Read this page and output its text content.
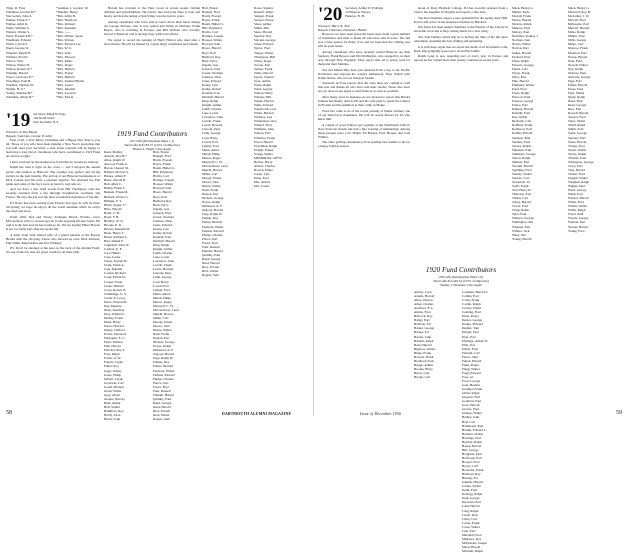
Tripp, R. Tyler
Valentine, Gordon R.*
Van Gelder, John S.
Walker, Frank S.*
Walker, Allyn R.
Waite, William S.
Walters, Walter S.
Ward, Frederick B.*
Washburn, Edward
Webb, Carroll S.
Weed, George W.
Wheeler, Ralph H.
Whittier, Fred K.
Wilcox, Wm.
Wilson, Walter H.
Wilson, Robert W.*
Winship, Harold
Wood, Lawrence E.*
Woodbury, Paul H.
Worthen, Thomas W.
Wright, H. S.*
Young, Sheldon B.*
Zabriskie, Albert B.*
*Lehman, J. Gordon '16
*Mueller, Henry
*Mrs. Allyn B.
*Mrs. Bradford
*Mrs. Richard
*Mrs. Kenneth
*Mrs. ——
*Mrs. Wilder, Sarah
*Mrs. Warren
*Mrs. Edward Lee
*Mrs. W. Jr.
*Mrs. Sam
*Mrs. Elwood
*Mrs. Rufus
*Mrs. Roger
*Mrs. Herbert
*Mrs. Ernest
*Mrs. Herbert
*Mrs. Samuel Blythe
*Mrs. Lester
*Mrs. Randall
*Mrs. Leonard
*Mrs. Edwin
'19 Secretary, Ralph W. Page
129 North Street
New Rochelle, N.Y.
Treasurer, A. Roy Blount
Bequest Chairman, George W. Allen

First of all, a Very Merry Christmas and a Happy New Year to you all. Those of you who have been making a New Year's resolution that you will send your Secretary a note about yourself will be happy to learn that a long list of classmates who have contributed to 1919 Fund are shown at right.

I have received an interesting note from Harvey Greene in Arizona.

Ralph has tried it right on the coast — and I enjoyed the annual picnic and reunion at Hanover. The weather was perfect and all the picnics in the past months. The arrival at our Hanover headquarters of Dick Conant and his wife a pleasant surprise. We attended the Fall game and some of the boys were on hand to welcome us.

And we have a few brief words from Bill Thompson, who has recently returned from a trip through Scandinavia, Germany and France. He says the trip was the most wonderful experience of his life.

Ed Davis has been writing from Florida and says he will be there till spring; we hope he enjoys all the warm sunshine while we enjoy the wind and snow.

From 1919, Ned and Tressy, Pompano Beach, Florida. Larry McCutcheon write to us and says he is still enjoying his new home. He said it is the best spot he has found so far. We are hoping Elmer Bowen is not too badly hurt after his recent fall.

A letter from Sam Abbott tells of a grand reunion at the Boston Herald with the old gang. Those who showed up were Dick Johnson, Phil Smith, Ralph Allen and Gus Whitney.

P.S. Don't be shocked at the note on the back of the Alumni Fund; it's one of the few that are given credit for all their gifts.

Harold has traveled to the West Coast in recent weeks visiting children and grandchildren. He reports that everyone there is hale and hearty and that the skiing at Sun Valley was the best in years.

Among classmates who have sent in news about their latest doings are George Stevens, who is now retired and living in Vermont; Frank Hayes, who is traveling in Europe; and Bill Webster who recently moved to Hanover and is already busy with town affairs.

We regret to record the passing of Harry Holton who died after a short illness. He will be missed by a great many classmates and friends.

1919 Fund Contributors
225 Gifts (Participation Index 1.1)
Total Gifts $18,183.57 (145% of Objective)
Hubert L. Heath, Class Agent
Reed, Mabley
Aldrich, Roy H.*
Allen, Ralph W.
Atwood, Frank A.
Bacon, Chester M.
Ballard, Morton S.
Barnes, Albert F.
Bates, Arnold R.
Bell, Allen C.
Bemis, Frank S.
Bennett, Frank M.
Bidwell, Ernest G.
Billings, F. T.
Bixby, Roger J.*
Bliss, Harold
Bond, C. B.
Boyd, F. H.
Bradley, W. O.
Brooks, E. R.
Brown, Kenneth W.
Buck, Henry S.
Burns, Richard L.
Burr, Daniel F.
Campbell, John W.
Carlson, E. E.
Carr, Hubert
Case, Lester
Chase, Everett D.
Clark, Frank A.
Cole, Randall
Conant, Richard
Cook, Edwin W.
Cooper, Earle
Crane, Herbert
Cross, Robert D.
Cummings, G. S.
Curtis, E. Leroy
Davis, Edward R.
Day, Maurice
Dean, Sherman
Dow, Willard C.
Dudley, Frank
Dunn, Harry
Eaton, Howard
Emery, Clifford
Evans, Theodore
Fairbanks, E. C.
Field, Wallace
Fisk, Harold
Fletcher, Ray S.
Foss, Ralph
Foster, A. W.
French, Leslie
Fuller, Roy
Gage, Sidney
Gates, Philip
Gilbert, Clyde
Goodwin, Carl
Gould, Herbert
Grant, Willis
Gray, Albert
Greene, Harvey
Hale, Arthur
Hall, Walter
Hamilton, Roy
Hardy, Leon
Harris, John
Hart, Ernest
Haskell, Fred
Hatch, Everett
Hayes, Frank
Heath, Hubert L.
Hill, Raymond
Hobbs, Carl
Holmes, Joseph
Hooper, Walter
Howard, Sam
Howe, Harold
Hoyt, Earl
Hubbard, Ray
Hunt, Percy
Ingalls, Guy
Jackson, Fred
Jewett, Norman
Johnson, Dick
Jones, Edward
Keene, Lyle
Kelley, Robert
Kendall, Ivan
Kimball, Harold
King, Ralph
Knight, Arthur
Lamb, Charles
Lane, Lewis
Lawrence, John
Leavitt, Frank
Lewis, Howard
Lincoln, Paul
Little, George
Lord, Harry
Lovell, Earl
Lyman, Fred
Mann, Albert
Marsh, Philip
Mason, Roger
Maxwell, C. W.
McCutcheon, Larry
Merrill, Horace
Miller, Carl
Moody, Ernest
Moore, John
Morse, Walter
Nash, Frank
Nelson, Eric
Nichols, George
Noyes, Ralph
Olmstead, A. F.
Osgood, Harold
Page, Ralph W.
Palmer, Roy
Parker, Herbert
Peabody, Walter
Perkins, Edward
Phelps, Charles
Pierce, Earl
Porter, Fred
Pratt, Russell
Putnam, Harold
Quimby, Paul
Rand, George
Reed, Harold
Rice, Everett
Rich, Walter
Rogers, Sam
Hart, Ernest
Haskell, Fred
Hatch, Everett
Hayes, Frank
Heath, Hubert L.
Hill, Raymond
Hobbs, Carl
Holmes, Joseph
Hooper, Walter
Howard, Sam
Howe, Harold
Hoyt, Earl
Hubbard, Ray
Hunt, Percy
Ingalls, Guy
Jackson, Fred
Jewett, Norman
Johnson, Dick
Jones, Edward
Keene, Lyle
Kelley, Robert
Kendall, Ivan
Kimball, Harold
King, Ralph
Knight, Arthur
Lamb, Charles
Lane, Lewis
Lawrence, John
Leavitt, Frank
Lewis, Howard
Lincoln, Paul
Little, George
Lord, Harry
Lovell, Earl
Lyman, Fred
Mann, Albert
Marsh, Philip
Mason, Roger
Maxwell, C. W.
McCutcheon, Larry
Merrill, Horace
Miller, Carl
Moody, Ernest
Moore, John
Morse, Walter
Nash, Frank
Nelson, Eric
Nichols, George
Noyes, Ralph
Olmstead, A. F.
Osgood, Harold
Page, Ralph W.
Palmer, Roy
Parker, Herbert
Peabody, Walter
Perkins, Edward
Phelps, Charles
Pierce, Earl
Porter, Fred
Pratt, Russell
Putnam, Harold
Quimby, Paul
Rand, George
Reed, Harold
Rice, Everett
Rich, Walter
Rogers, Sam
Rowe, Stanley
Russell, James
Sargent, Frank
Sawyer, Ernest
Shaw, Arthur
Smith, Phil
Snow, Harold
Spencer, Ray
Stevens, George
Stone, Edward
Taylor, Fred
Thayer, Walter
Thompson, Bill
Tilton, Roger
Towne, Earl
Tucker, Frank
Tuttle, Harold
Upton, Charles
Vose, Arthur
Wade, Ralph
Ward, George
Warren, Harry
Webster, Bill
Weeks, Horace
Wells, Edward
Wentworth, Carl
White, Herbert
Whitney, Gus
Whittemore, Roy
Willard, Fred
Williams, John
Wilson, Earl
Winslow, Frank
Wood, Harold
Woodman, Ralph
Wright, Ernest
Young, Walter
MEMORIAL GIFTS
Holton, Harry
Abbott, Charles
Bowen, Elmer
Carter, Lyle
Dana, Fred
Mrs. Abbott
Mrs. Carter
58
'20 Secretary, Arthur W. Eldridge
16 Hanover Terrace
Hanover, N. H.
Treasurer, Harry W. Teal
Bequest Chairman, Edward L. Hardin

However we have been given the latest news from a great number of classmates and wish to thank all who have sent in notes. The fall was a busy season for many of us and we hope that the coming year will be even better.

Among classmates who have recently visited Hanover are Bob Sanborn, Frank Bowers and Jim Wellington, who stopped by on their way through New England. They report that all is going well for them and their families.

Ted and Mabel Ellis have just returned from a trip to the Pacific Northwest and enjoyed the scenery immensely. They visited with Ralph Sisson, who is now living in Seattle.

Treasurer Al Foss reports that the class dues are coming in well this year and thanks all who have sent their checks. Those who have not yet done so are urged to send them in as soon as possible.

After many years in business we are pleased to report that Harold Jenkins has finally retired. He and his wife plan to spend the winters in Florida and the summers at their camp in Maine.

Word has come to us of the recent passing of Walter Grimes, one of our best-loved classmates. He will be sorely missed by all who knew him.

A couple of good fellows got together at the Dartmouth Club in New York last month and had a fine evening of reminiscing. Among those present were Carl Tilden, Ed Barnes, Fred Hooper and Jack Wilmot.

The other golfing classmates join in sending best wishes to all for a happy holiday season.

about of Mary Baldwin College. Ed has recently returned from a visit to his daughter in Virginia and reports a fine time.

The Ken Normans expect a new grandchild in the spring, their fifth. Ken is still active in his insurance business in Hartford.

Jim Yates has been named chairman of the Friends of the Library in his home town and is busy raising funds for a new wing.

Our Tom Dudley writes that he is having the time of his life since retirement, spending his days fishing and gardening.

It is with deep regret that we report the death of Al Stockdale's wife, Ruth. Our sympathy goes out to Al and his family.

Ralph Lang is now spending part of every year in Europe and reports he has visited more than twenty countries in recent years.

1920 Fund Contributors
238 Gifts (Participation Index 1.0)
Total Gifts $15,426.34 (123% of Objective)
Stanley J. Newman, Class Agent
Abbott, Leon
Adams, Harold
Allen, Warren
Ames, Charles
Andrews, E. L.
Atkins, Fred
Babcock, Roy
Bailey, Earl
Baldwin, Ed
Barker, George
Barnes, Ed
Barrett, John
Bartlett, Ralph
Bean, Harold
Bigelow, Walter
Blake, Frank
Bowers, Frank
Bradford, Paul
Briggs, Arthur
Brooks, Harry
Bruce, Lyle
Bryant, Carl
Coleman, Harold S.
Collins, Earl
Colby, Frank
Corbin, Ralph
Crosby, Walter
Cushing, Fred
Dana, Roger
Dexter, George
Dodge, Howard
Dudley, Tom
Durgin, Paul
Dyer, Earl
Eldridge, Arthur W.
Ellis, Ted
Elliott, Fred
Farnum, Carl
Farrar, John
Felton, Harold
Fiske, Roger
Flagg, Walter
Fogg, Edward
Foss, Al
Frost, George
Gale, Herbert
Gardner, Frank
Gibbs, Ralph
Gleason, Earl
Goddard, Paul
Goss, Harold
Graves, Fred
Grimes, Walter
Hadley, John
Hall, Carl
Hammond, Earl
Hardin, Edward L.
Harmon, Walter
Hastings, Fred
Hayden, Ralph
Hazen, Harold
Hill, George
Hodgdon, Paul
Holbrook, Earl
Hooper, Fred
Hovey, Carl
Howland, Frank
Hubbard, Roy
Huntley, Ed
Jenkins, Harold
Jordan, Walter
Keith, Fred
Kellogg, Ralph
Kent, George
Knowles, Earl
Ladd, Harold
Lang, Ralph
Leach, Paul
Libby, Carl
Locke, Frank
Lowe, Walter
Lunt, Earl
Marshall, Fred
Mathews, Roy
McDonald, Joseph
Mead, Harold
Mitchell, Ralph
Mack, Henry G.
Martin, Earle
Morrill, Frank
Morse, Harold
Morton, Ralph
Munroe, Fred
Murray, Paul
Newman, Stanley J.
Norman, Ken
Norris, Walter
Norton, Earl
Oakes, Harold
Packard, Fred
Paine, Ralph
Parsons, George
Patten, Carl
Payne, Frank
Perry, Earl
Pike, Harold
Plummer, Walter
Pond, Fred
Poole, Ralph
Prescott, Paul
Preston, George
Prince, Earl
Ramsay, Harold
Randall, Fred
Ray, Walter
Richards, Carl
Robbins, Frank
Robinson, Earl
Rollins, Harold
Sanborn, Bob
Sanders, Fred
Seavey, Ralph
Sherman, Paul
Simmons, George
Sisson, Ralph
Skinner, Earl
Slocum, Harold
Spalding, Fred
Stanley, Walter
Stearns, Carl
Stockdale, Al
Swift, Frank
Teal, Harry W.
Thurston, Earl
Tilden, Carl
Tobey, Harold
Tower, Fred
Trask, Ralph
Tyler, Paul
Wallace, George
Wellington, Jim
Wheeler, Earl
Wilmot, Jack
Yates, Jim
Young, Harold
Mack, Henry G.
Maxwell, Roy H.
McArthur, J. W.
McCall, Fred
McKenzie, Earl
Metcalf, Harold
Miles, Ralph
Millett, Paul
Mills, George
Minot, Carl
Monroe, Frank
Moulton, Earl
Nason, Harold
Neal, Fred
Newell, Walter
Nye, Ralph
Ordway, Paul
Osborne, George
Page, Earl
Parker, Harold
Pease, Fred
Pratt, Walter
Quint, Ralph
Rand, Paul
Reed, George
Rice, Earl
Rowell, Harold
Sawyer, Fred
Shaw, Walter
Small, Ralph
Smith, Paul
Soule, George
Stevens, Earl
Stone, Harold
Strong, Fred
Sweet, Walter
Taylor, Ralph
Thomas, Paul
Thompson, George
Tracy, Earl
True, Harold
Tucker, Fred
Upham, Walter
Vaughan, Ralph
Walker, Paul
Ward, George
Webb, Earl
Weston, Harold
White, Fred
Wilder, Walter
Willis, Ralph
Wood, Paul
Woods, George
Wyman, Earl
Yeaton, Harold
Young, Fred
DARTMOUTH ALUMNI MAGAZINE	Issue of December 1956	59
